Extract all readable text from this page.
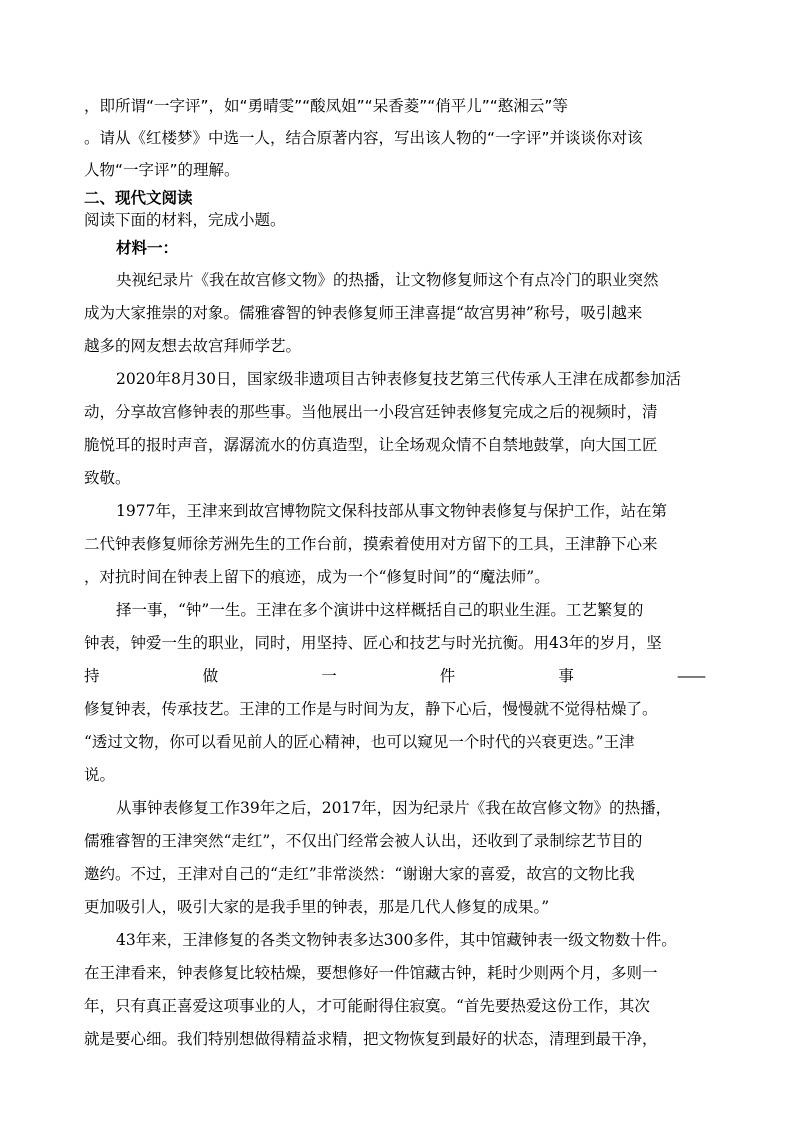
，即所谓“一字评”，如“勇晴雯”“酸凤姐”“呆香菱”“俏平儿”“憨湘云”等
。请从《红楼梦》中选一人，结合原著内容，写出该人物的“一字评”并谈谈你对该
人物“一字评”的理解。
二、现代文阅读
阅读下面的材料，完成小题。
材料一：
央视纪录片《我在故宫修文物》的热播，让文物修复师这个有点冷门的职业突然
成为大家推崇的对象。儒雅睿智的钟表修复师王津喜提“故宫男神”称号，吸引越来
越多的网友想去故宫拜师学艺。
2020年8月30日，国家级非遗项目古钟表修复技艺第三代传承人王津在成都参加活
动，分享故宫修钟表的那些事。当他展出一小段宫廷钟表修复完成之后的视频时，清
脆悦耳的报时声音，潺潺流水的仿真造型，让全场观众情不自禁地鼓掌，向大国工匠
致敬。
1977年，王津来到故宫博物院文保科技部从事文物钟表修复与保护工作，站在第
二代钟表修复师徐芳洲先生的工作台前，摸索着使用对方留下的工具，王津静下心来
，对抗时间在钟表上留下的痕迹，成为一个“修复时间”的“魔法师”。
择一事，“钟”一生。王津在多个演讲中这样概括自己的职业生涯。工艺繁复的
钟表，钟爱一生的职业，同时，用坚持、匠心和技艺与时光抗衡。用43年的岁月，坚
持	做	一	件	事	——
修复钟表，传承技艺。王津的工作是与时间为友，静下心后，慢慢就不觉得枯燥了。
“透过文物，你可以看见前人的匠心精神，也可以窥见一个时代的兴衰更迭。”王津
说。
从事钟表修复工作39年之后，2017年，因为纪录片《我在故宫修文物》的热播，
儒雅睿智的王津突然“走红”，不仅出门经常会被人认出，还收到了录制综艺节目的
邀约。不过，王津对自己的“走红”非常淡然：“谢谢大家的喜爱，故宫的文物比我
更加吸引人，吸引大家的是我手里的钟表，那是几代人修复的成果。”
43年来，王津修复的各类文物钟表多达300多件，其中馆藏钟表一级文物数十件。
在王津看来，钟表修复比较枯燥，要想修好一件馆藏古钟，耗时少则两个月，多则一
年，只有真正喜爱这项事业的人，才可能耐得住寂寞。“首先要热爱这份工作，其次
就是要心细。我们特别想做得精益求精，把文物恢复到最好的状态，清理到最干净，
